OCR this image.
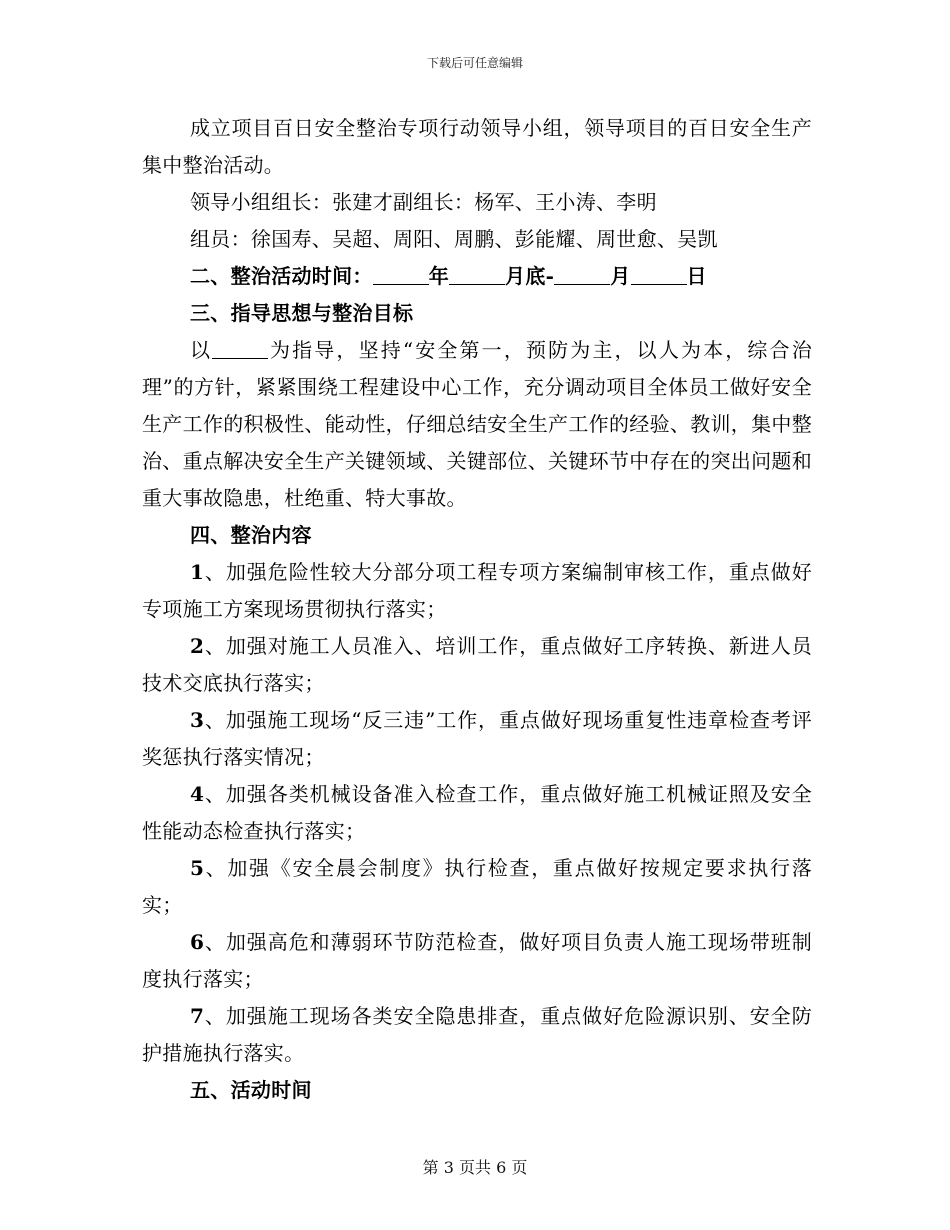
下载后可任意编辑

成立项目百日安全整治专项行动领导小组，领导项目的百日安全生产集中整治活动。

领导小组组长：张建才副组长：杨军、王小涛、李明

组员：徐国寿、吴超、周阳、周鹏、彭能耀、周世愈、吴凯

二、整治活动时间：	年	月底-	月	日

三、指导思想与整治目标

以	为指导，坚持“安全第一，预防为主，以人为本，综合治理”的方针，紧紧围绕工程建设中心工作，充分调动项目全体员工做好安全生产工作的积极性、能动性，仔细总结安全生产工作的经验、教训，集中整治、重点解决安全生产关键领域、关键部位、关键环节中存在的突出问题和重大事故隐患，杜绝重、特大事故。

四、整治内容

1、加强危险性较大分部分项工程专项方案编制审核工作，重点做好专项施工方案现场贯彻执行落实；

2、加强对施工人员准入、培训工作，重点做好工序转换、新进人员技术交底执行落实；

3、加强施工现场“反三违”工作，重点做好现场重复性违章检查考评奖惩执行落实情况；

4、加强各类机械设备准入检查工作，重点做好施工机械证照及安全性能动态检查执行落实；

5、加强《安全晨会制度》执行检查，重点做好按规定要求执行落实；

6、加强高危和薄弱环节防范检查，做好项目负责人施工现场带班制度执行落实；

7、加强施工现场各类安全隐患排查，重点做好危险源识别、安全防护措施执行落实。

五、活动时间

第 3 页共 6 页
